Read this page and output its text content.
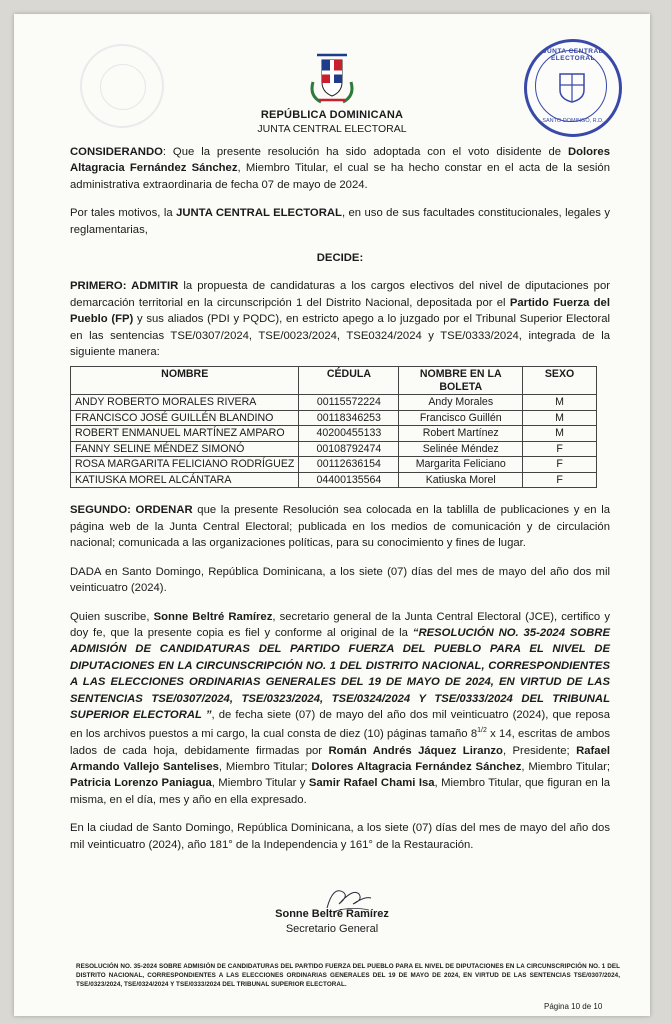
JUNTA CENTRAL ELECTORAL
SANTO DOMINGO, R.D.
REPÚBLICA DOMINICANA
JUNTA CENTRAL ELECTORAL

CONSIDERANDO: Que la presente resolución ha sido adoptada con el voto disidente de Dolores Altagracia Fernández Sánchez, Miembro Titular, el cual se ha hecho constar en el acta de la sesión administrativa extraordinaria de fecha 07 de mayo de 2024.

Por tales motivos, la JUNTA CENTRAL ELECTORAL, en uso de sus facultades constitucionales, legales y reglamentarias,

DECIDE:

PRIMERO: ADMITIR la propuesta de candidaturas a los cargos electivos del nivel de diputaciones por demarcación territorial en la circunscripción 1 del Distrito Nacional, depositada por el Partido Fuerza del Pueblo (FP) y sus aliados (PDI y PQDC), en estricto apego a lo juzgado por el Tribunal Superior Electoral en las sentencias TSE/0307/2024, TSE/0023/2024, TSE0324/2024 y TSE/0333/2024, integrada de la siguiente manera:

NOMBRE	CÉDULA	NOMBRE EN LA BOLETA	SEXO
ANDY ROBERTO MORALES RIVERA	00115572224	Andy Morales	M
FRANCISCO JOSÉ GUILLÉN BLANDINO	00118346253	Francisco Guillén	M
ROBERT ENMANUEL MARTÍNEZ AMPARO	40200455133	Robert Martínez	M
FANNY SELINE MÉNDEZ SIMONÓ	00108792474	Selinée Méndez	F
ROSA MARGARITA FELICIANO RODRÍGUEZ	00112636154	Margarita Feliciano	F
KATIUSKA MOREL ALCÁNTARA	04400135564	Katiuska Morel	F

SEGUNDO: ORDENAR que la presente Resolución sea colocada en la tablilla de publicaciones y en la página web de la Junta Central Electoral; publicada en los medios de comunicación y de circulación nacional; comunicada a las organizaciones políticas, para su conocimiento y fines de lugar.

DADA en Santo Domingo, República Dominicana, a los siete (07) días del mes de mayo del año dos mil veinticuatro (2024).

Quien suscribe, Sonne Beltré Ramírez, secretario general de la Junta Central Electoral (JCE), certifico y doy fe, que la presente copia es fiel y conforme al original de la “RESOLUCIÓN NO. 35-2024 SOBRE ADMISIÓN DE CANDIDATURAS DEL PARTIDO FUERZA DEL PUEBLO PARA EL NIVEL DE DIPUTACIONES EN LA CIRCUNSCRIPCIÓN NO. 1 DEL DISTRITO NACIONAL, CORRESPONDIENTES A LAS ELECCIONES ORDINARIAS GENERALES DEL 19 DE MAYO DE 2024, EN VIRTUD DE LAS SENTENCIAS TSE/0307/2024, TSE/0323/2024, TSE/0324/2024 Y TSE/0333/2024 DEL TRIBUNAL SUPERIOR ELECTORAL ”, de fecha siete (07) de mayo del año dos mil veinticuatro (2024), que reposa en los archivos puestos a mi cargo, la cual consta de diez (10) páginas tamaño $8^{1/2}$ x 14, escritas de ambos lados de cada hoja, debidamente firmadas por Román Andrés Jáquez Liranzo, Presidente; Rafael Armando Vallejo Santelises, Miembro Titular; Dolores Altagracia Fernández Sánchez, Miembro Titular; Patricia Lorenzo Paniagua, Miembro Titular y Samir Rafael Chami Isa, Miembro Titular, que figuran en la misma, en el día, mes y año en ella expresado.

En la ciudad de Santo Domingo, República Dominicana, a los siete (07) días del mes de mayo del año dos mil veinticuatro (2024), año 181° de la Independencia y 161° de la Restauración.

Sonne Beltré Ramírez
Secretario General
RESOLUCIÓN NO. 35-2024 SOBRE ADMISIÓN DE CANDIDATURAS DEL PARTIDO FUERZA DEL PUEBLO PARA EL NIVEL DE DIPUTACIONES EN LA CIRCUNSCRIPCIÓN NO. 1 DEL DISTRITO NACIONAL, CORRESPONDIENTES A LAS ELECCIONES ORDINARIAS GENERALES DEL 19 DE MAYO DE 2024, EN VIRTUD DE LAS SENTENCIAS TSE/0307/2024, TSE/0323/2024, TSE/0324/2024 Y TSE/0333/2024 DEL TRIBUNAL SUPERIOR ELECTORAL.
Página 10 de 10
